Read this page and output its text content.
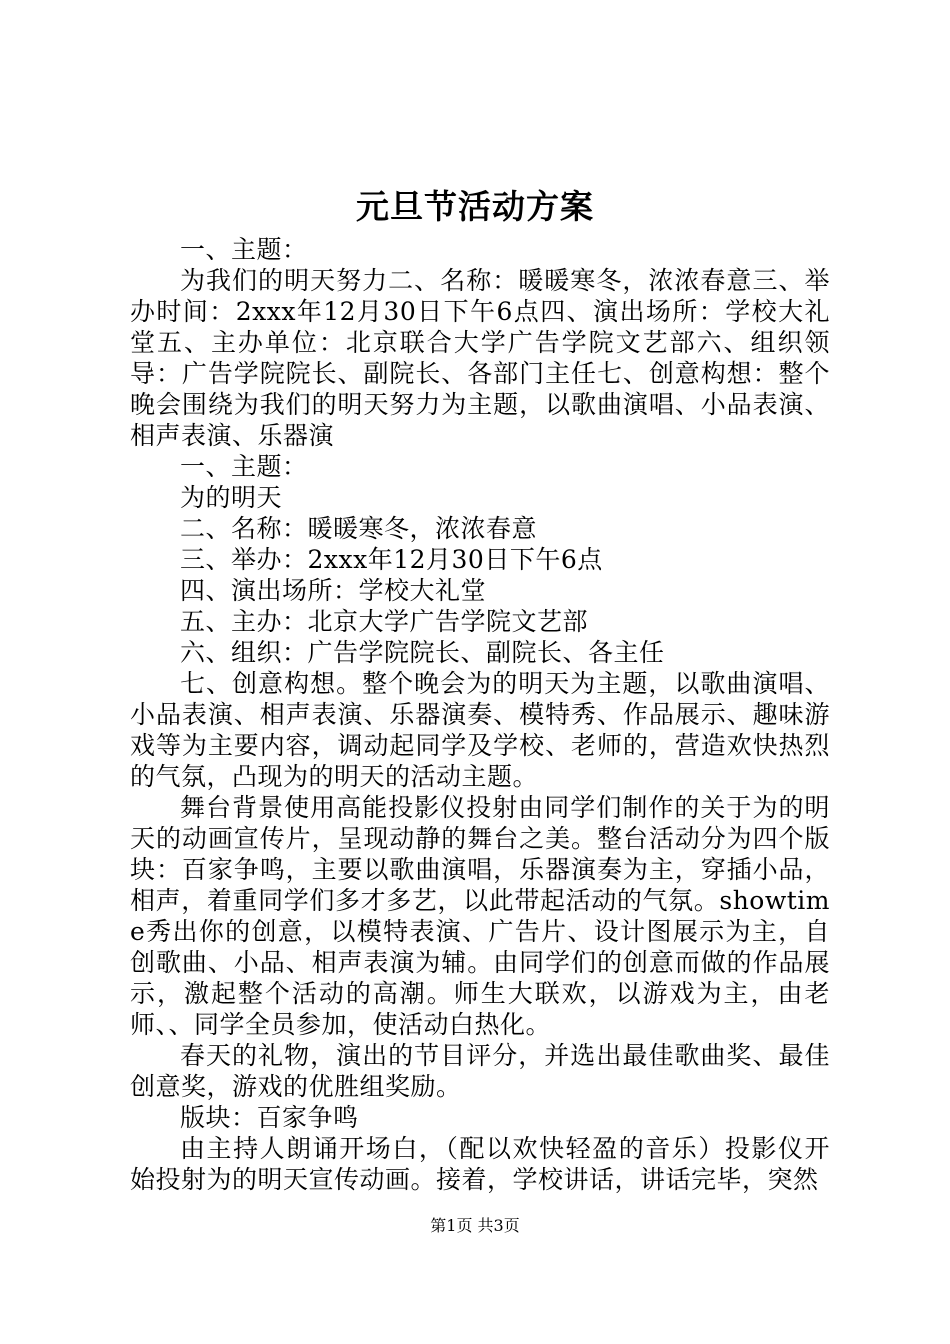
元旦节活动方案

一、主题：

为我们的明天努力二、名称：暖暖寒冬，浓浓春意三、举办时间：2xxx年12月30日下午6点四、演出场所：学校大礼堂五、主办单位：北京联合大学广告学院文艺部六、组织领导：广告学院院长、副院长、各部门主任七、创意构想：整个晚会围绕为我们的明天努力为主题，以歌曲演唱、小品表演、相声表演、乐器演

一、主题：

为的明天

二、名称：暖暖寒冬，浓浓春意

三、举办：2xxx年12月30日下午6点

四、演出场所：学校大礼堂

五、主办：北京大学广告学院文艺部

六、组织：广告学院院长、副院长、各主任

七、创意构想。整个晚会为的明天为主题，以歌曲演唱、小品表演、相声表演、乐器演奏、模特秀、作品展示、趣味游戏等为主要内容，调动起同学及学校、老师的，营造欢快热烈的气氛，凸现为的明天的活动主题。

舞台背景使用高能投影仪投射由同学们制作的关于为的明天的动画宣传片，呈现动静的舞台之美。整台活动分为四个版块：百家争鸣，主要以歌曲演唱，乐器演奏为主，穿插小品，相声，着重同学们多才多艺，以此带起活动的气氛。showtime秀出你的创意，以模特表演、广告片、设计图展示为主，自创歌曲、小品、相声表演为辅。由同学们的创意而做的作品展示，激起整个活动的高潮。师生大联欢，以游戏为主，由老师、、同学全员参加，使活动白热化。

春天的礼物，演出的节目评分，并选出最佳歌曲奖、最佳创意奖，游戏的优胜组奖励。

版块：百家争鸣

由主持人朗诵开场白，（配以欢快轻盈的音乐）投影仪开始投射为的明天宣传动画。接着，学校讲话，讲话完毕，突然

第1页 共3页
